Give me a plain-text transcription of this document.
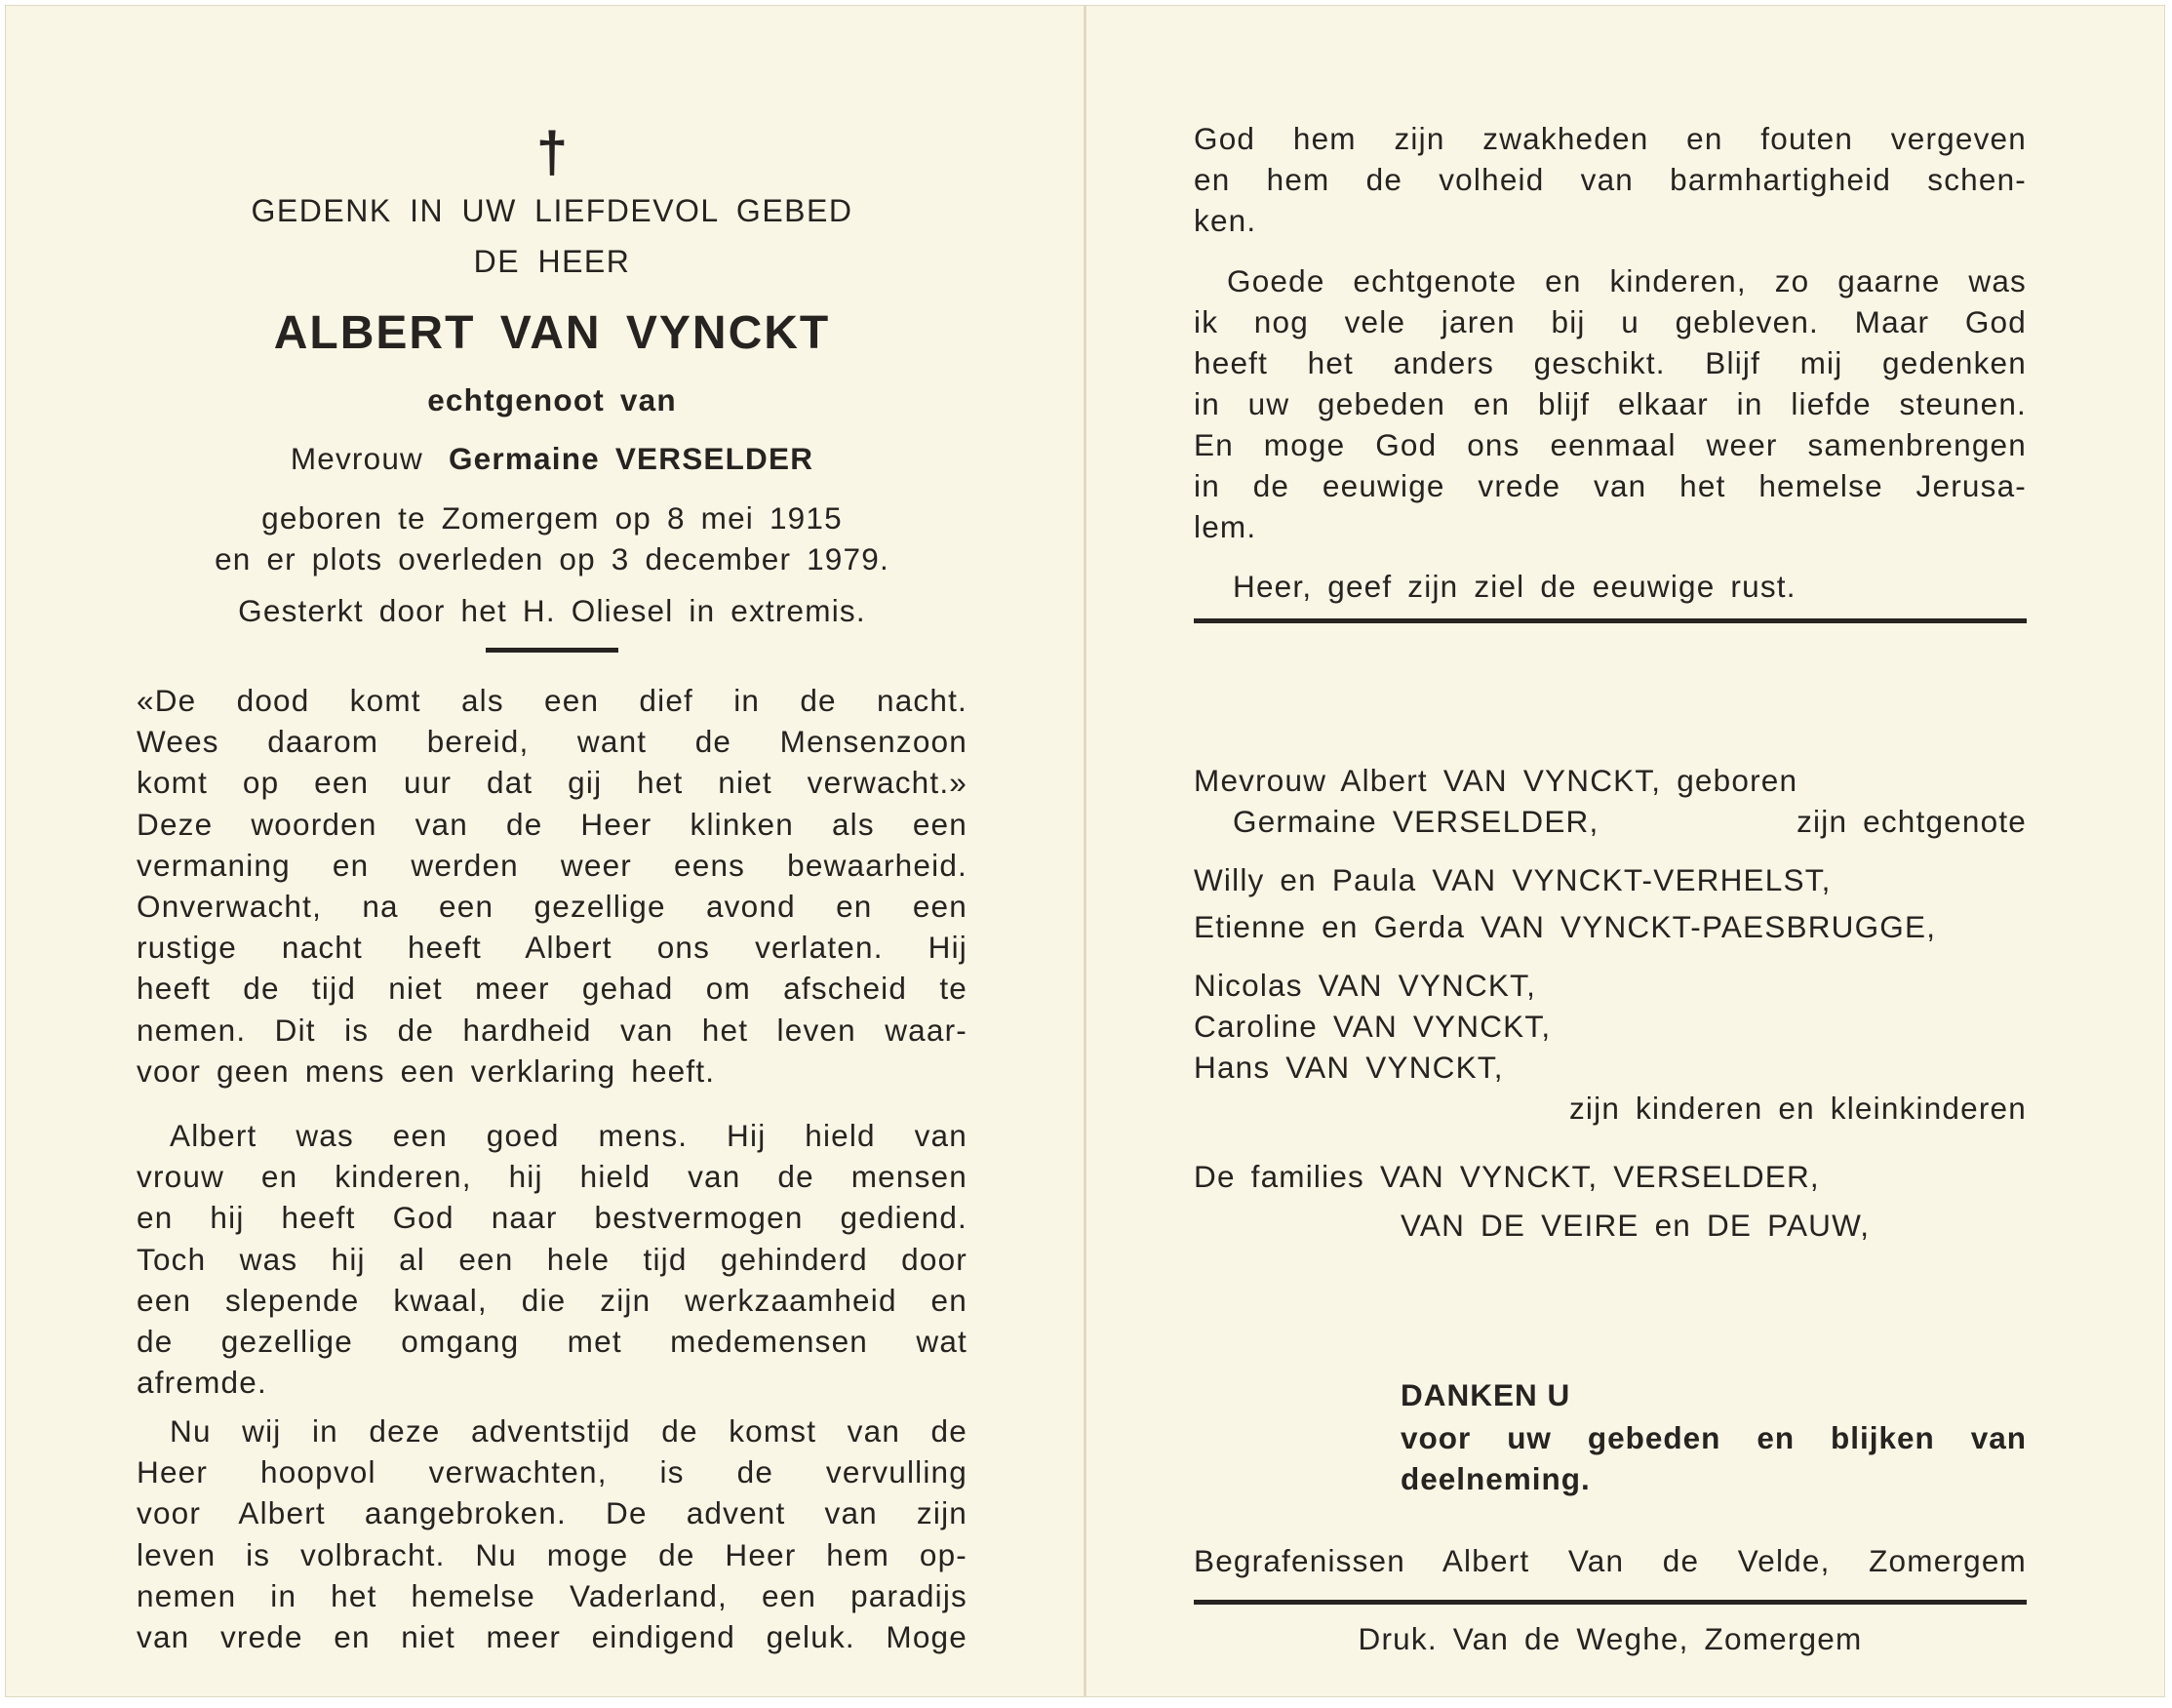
†
GEDENK IN UW LIEFDEVOL GEBED
DE HEER
ALBERT VAN VYNCKT
echtgenoot van
Mevrouw Germaine VERSELDER
geboren te Zomergem op 8 mei 1915
en er plots overleden op 3 december 1979.
Gesterkt door het H. Oliesel in extremis.
«De dood komt als een dief in de nacht.
Wees daarom bereid, want de Mensenzoon
komt op een uur dat gij het niet verwacht.»
Deze woorden van de Heer klinken als een
vermaning en werden weer eens bewaarheid.
Onverwacht, na een gezellige avond en een
rustige nacht heeft Albert ons verlaten. Hij
heeft de tijd niet meer gehad om afscheid te
nemen. Dit is de hardheid van het leven waar-
voor geen mens een verklaring heeft.
Albert was een goed mens. Hij hield van
vrouw en kinderen, hij hield van de mensen
en hij heeft God naar bestvermogen gediend.
Toch was hij al een hele tijd gehinderd door
een slepende kwaal, die zijn werkzaamheid en
de gezellige omgang met medemensen wat
afremde.
Nu wij in deze adventstijd de komst van de
Heer hoopvol verwachten, is de vervulling
voor Albert aangebroken. De advent van zijn
leven is volbracht. Nu moge de Heer hem op-
nemen in het hemelse Vaderland, een paradijs
van vrede en niet meer eindigend geluk. Moge
God hem zijn zwakheden en fouten vergeven
en hem de volheid van barmhartigheid schen-
ken.
Goede echtgenote en kinderen, zo gaarne was
ik nog vele jaren bij u gebleven. Maar God
heeft het anders geschikt. Blijf mij gedenken
in uw gebeden en blijf elkaar in liefde steunen.
En moge God ons eenmaal weer samenbrengen
in de eeuwige vrede van het hemelse Jerusa-
lem.
Heer, geef zijn ziel de eeuwige rust.
Mevrouw Albert VAN VYNCKT, geboren
Germaine VERSELDER,	zijn echtgenote
Willy en Paula VAN VYNCKT-VERHELST,
Etienne en Gerda VAN VYNCKT-PAESBRUGGE,
Nicolas VAN VYNCKT,
Caroline VAN VYNCKT,
Hans VAN VYNCKT,
zijn kinderen en kleinkinderen
De families VAN VYNCKT, VERSELDER,
VAN DE VEIRE en DE PAUW,
DANKEN U
voor uw gebeden en blijken van
deelneming.
Begrafenissen Albert Van de Velde, Zomergem
Druk. Van de Weghe, Zomergem
